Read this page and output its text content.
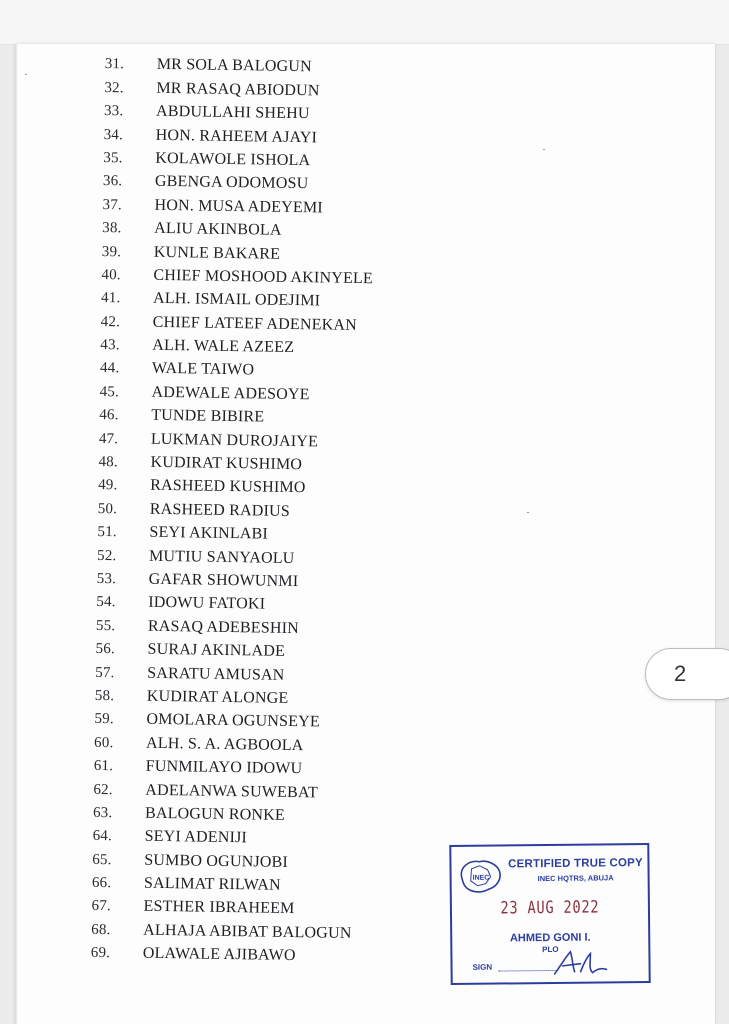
31.	MR SOLA BALOGUN
32.	MR RASAQ ABIODUN
33.	ABDULLAHI SHEHU
34.	HON. RAHEEM AJAYI
35.	KOLAWOLE ISHOLA
36.	GBENGA ODOMOSU
37.	HON. MUSA ADEYEMI
38.	ALIU AKINBOLA
39.	KUNLE BAKARE
40.	CHIEF MOSHOOD AKINYELE
41.	ALH. ISMAIL ODEJIMI
42.	CHIEF LATEEF ADENEKAN
43.	ALH. WALE AZEEZ
44.	WALE TAIWO
45.	ADEWALE ADESOYE
46.	TUNDE BIBIRE
47.	LUKMAN DUROJAIYE
48.	KUDIRAT KUSHIMO
49.	RASHEED KUSHIMO
50.	RASHEED RADIUS
51.	SEYI AKINLABI
52.	MUTIU SANYAOLU
53.	GAFAR SHOWUNMI
54.	IDOWU FATOKI
55.	RASAQ ADEBESHIN
56.	SURAJ AKINLADE
57.	SARATU AMUSAN
58.	KUDIRAT ALONGE
59.	OMOLARA OGUNSEYE
60.	ALH. S. A. AGBOOLA
61.	FUNMILAYO IDOWU
62.	ADELANWA SUWEBAT
63.	BALOGUN RONKE
64.	SEYI ADENIJI
65.	SUMBO OGUNJOBI
66.	SALIMAT RILWAN
67.	ESTHER IBRAHEEM
68.	ALHAJA ABIBAT BALOGUN
69.	OLAWALE AJIBAWO
INEC
CERTIFIED TRUE COPY
INEC HQTRS, ABUJA
23 AUG 2022
AHMED GONI I.
PLO
SIGN
2
